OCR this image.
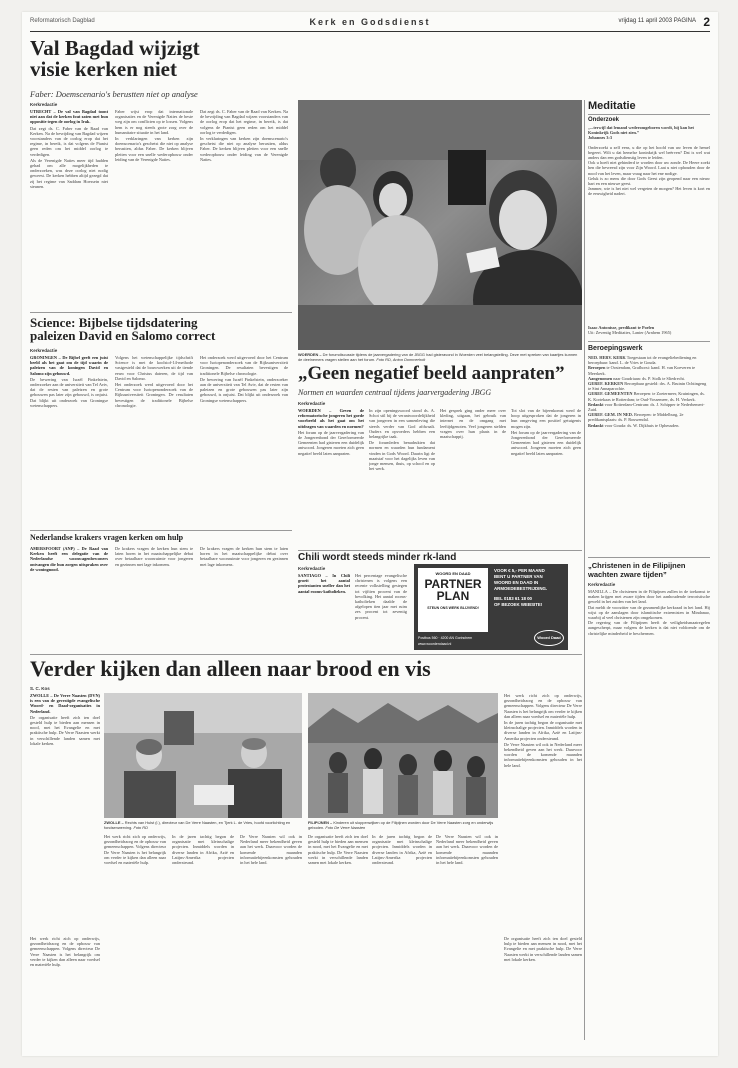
Reformatorisch Dagblad	Kerk en Godsdienst	vrijdag 11 april 2003 PAGINA 2
Val Bagdad wijzigt
visie kerken niet
Faber: Doemscenario's berustten niet op analyse
Kerkredactie

UTRECHT – De val van Bagdad toont niet aan dat de kerken fout zaten met hun oppositie tegen de oorlog in Irak.

Dat zegt ds. C. Faber van de Raad van Kerken. Na de bevrijding van Bagdad wijzen voorstanders van de oorlog erop dat het regime, in bereik, is dat volgens de Pianist geen reden om het middel oorlog te verdedigen.

Als de Verenigde Naties meer tijd hadden gehad om alle mogelijkheden te onderzoeken, was deze oorlog niet nodig geweest. De kerken hebben altijd gezegd dat zij het regime van Saddam Hoessein niet steunen.

Faber wijst erop dat internationale organisaties en de Verenigde Naties de beste weg zijn om conflicten op te lossen. Volgens hem is er nog steeds grote zorg over de humanitaire situatie in het land.

In verklaringen van kerken zijn doemscenario's geschetst die niet op analyse berustten, aldus Faber. De kerken blijven pleiten voor een snelle wederopbouw onder leiding van de Verenigde Naties.

Dat zegt ds. C. Faber van de Raad van Kerken. Na de bevrijding van Bagdad wijzen voorstanders van de oorlog erop dat het regime, in bereik, is dat volgens de Pianist geen reden om het middel oorlog te verdedigen.

In verklaringen van kerken zijn doemscenario's geschetst die niet op analyse berustten, aldus Faber. De kerken blijven pleiten voor een snelle wederopbouw onder leiding van de Verenigde Naties.

Science: Bijbelse tijdsdatering
paleizen David en Salomo correct
Kerkredactie

GRONINGEN – De Bijbel geeft een juist beeld als het gaat om de tijd waarin de paleizen van de koningen David en Salomo zijn gebouwd.

De bewering van Israël Finkelstein, onderzoeker aan de universiteit van Tel Aviv, dat de resten van paleizen en grote gebouwen pas later zijn gebouwd, is onjuist. Dat blijkt uit onderzoek van Groningse wetenschappers.

Volgens het wetenschappelijke tijdschrift Science is met de koolstof-14-methode vastgesteld dat de bouwwerken uit de tiende eeuw voor Christus dateren, de tijd van David en Salomo.

Het onderzoek werd uitgevoerd door het Centrum voor Isotopenonderzoek van de Rijksuniversiteit Groningen. De resultaten bevestigen de traditionele Bijbelse chronologie.

Het onderzoek werd uitgevoerd door het Centrum voor Isotopenonderzoek van de Rijksuniversiteit Groningen. De resultaten bevestigen de traditionele Bijbelse chronologie.

De bewering van Israël Finkelstein, onderzoeker aan de universiteit van Tel Aviv, dat de resten van paleizen en grote gebouwen pas later zijn gebouwd, is onjuist. Dat blijkt uit onderzoek van Groningse wetenschappers.

Nederlandse krakers vragen kerken om hulp

AMERSFOORT (ANP) – De Raad van Kerken heeft een delegatie van de Nederlandse woonwagenbewoners ontvangen die hun zorgen uitspraken over de woningnood.

De krakers vragen de kerken hun stem te laten horen in het maatschappelijke debat over betaalbare woonruimte voor jongeren en gezinnen met lage inkomens.

De krakers vragen de kerken hun stem te laten horen in het maatschappelijke debat over betaalbare woonruimte voor jongeren en gezinnen met lage inkomens.

WOERDEN – De forumdiscussie tijdens de jaarvergadering van de JBGG had gisteravond in Woerden veel belangstelling. Deze met spreken van kaartjes kunnen de deelnemers vragen stellen aan het forum. Foto RD, Anton Dommerholt
„Geen negatief beeld aanpraten”
Normen en waarden centraal tijdens jaarvergadering JBGG
Kerkredactie

WOERDEN – Geven de reformatorische jongeren het goede voorbeeld als het gaat om het uitdragen van waarden en normen?

Het forum op de jaarvergadering van de Jongerenbond der Gereformeerde Gemeenten had gisteren een duidelijk antwoord. Jongeren moeten zich geen negatief beeld laten aanpraten.

In zijn openingswoord stond ds. A. Schot stil bij de verantwoordelijkheid van jongeren in een samenleving die steeds verder van God afdwaalt. Ouders en opvoeders hebben een belangrijke taak.

De forumleden benadrukten dat normen en waarden hun fundament vinden in Gods Woord. Daarin ligt de maatstaf voor het dagelijks leven van jonge mensen, thuis, op school en op het werk.

Het gesprek ging onder meer over kleding, uitgaan, het gebruik van internet en de omgang met leeftijdgenoten. Veel jongeren stelden vragen over hun plaats in de maatschappij.

Tot slot van de bijeenkomst werd de hoop uitgesproken dat de jongeren in hun omgeving een positief getuigenis mogen zijn.

Het forum op de jaarvergadering van de Jongerenbond der Gereformeerde Gemeenten had gisteren een duidelijk antwoord. Jongeren moeten zich geen negatief beeld laten aanpraten.

Chili wordt steeds minder rk-land
Kerkredactie

SANTIAGO – In Chili groeit het aantal protestanten sneller dan het aantal rooms-katholieken.

Het percentage evangelische christenen is volgens een recente volkstelling gestegen tot vijftien procent van de bevolking. Het aantal rooms-katholieken daalde de afgelopen tien jaar met ruim zes procent tot zeventig procent.

WOORD EN DAAD
PARTNER
PLAN
STEUN ONS WERK BLIJVEND!
VOOR € 5,- PER MAAND
BENT U PARTNER VAN
WOORD EN DAAD IN
ARMOEDEBESTRIJDING.
BEL 0183 61 18 00
OF BEZOEK WEBSITE!
Postbus 560 · 4200 AN Gorinchem
www.woordendaad.nl
Woord Daad
Verder kijken dan alleen naar brood en vis
S. C. Kos

ZWOLLE – De Verre Naasten (DVN) is een van de gevestigde evangelische Woord- en Daad-organisaties in Nederland.

De organisatie heeft zich ten doel gesteld hulp te bieden aan mensen in nood, met het Evangelie en met praktische hulp. De Verre Naasten werkt in verschillende landen samen met lokale kerken.

ZWOLLE – Rechts van Hulst (l.), directeur van De Verre Naasten, en Tjerk L. de Vries, hoofd voorlichting en fondsenwerving. Foto RD
FILIPIJNEN – Kinderen uit sloppenwijken op de Filipijnen worden door De Verre Naasten zorg en onderwijs geboden. Foto De Verre Naasten

Het werk richt zich op onderwijs, gezondheidszorg en de opbouw van gemeenschappen. Volgens directeur De Verre Naasten is het belangrijk om verder te kijken dan alleen naar voedsel en materiële hulp.

In de jaren tachtig begon de organisatie met kleinschalige projecten. Inmiddels worden in diverse landen in Afrika, Azië en Latijns-Amerika projecten ondersteund.

De Verre Naasten wil ook in Nederland meer bekendheid geven aan het werk. Daarvoor worden de komende maanden informatiebijeenkomsten gehouden in het hele land.

Het werk richt zich op onderwijs, gezondheidszorg en de opbouw van gemeenschappen. Volgens directeur De Verre Naasten is het belangrijk om verder te kijken dan alleen naar voedsel en materiële hulp.

In de jaren tachtig begon de organisatie met kleinschalige projecten. Inmiddels worden in diverse landen in Afrika, Azië en Latijns-Amerika projecten ondersteund.

De Verre Naasten wil ook in Nederland meer bekendheid geven aan het werk. Daarvoor worden de komende maanden informatiebijeenkomsten gehouden in het hele land.

De organisatie heeft zich ten doel gesteld hulp te bieden aan mensen in nood, met het Evangelie en met praktische hulp. De Verre Naasten werkt in verschillende landen samen met lokale kerken.

In de jaren tachtig begon de organisatie met kleinschalige projecten. Inmiddels worden in diverse landen in Afrika, Azië en Latijns-Amerika projecten ondersteund.

De Verre Naasten wil ook in Nederland meer bekendheid geven aan het werk. Daarvoor worden de komende maanden informatiebijeenkomsten gehouden in het hele land.

Het werk richt zich op onderwijs, gezondheidszorg en de opbouw van gemeenschappen. Volgens directeur De Verre Naasten is het belangrijk om verder te kijken dan alleen naar voedsel en materiële hulp.

De organisatie heeft zich ten doel gesteld hulp te bieden aan mensen in nood, met het Evangelie en met praktische hulp. De Verre Naasten werkt in verschillende landen samen met lokale kerken.

Meditatie
Onderzoek
„...terwijl dat lemand wederomgeboren wordt, hij kan het Koninkrijk Gods niet zien.”
Johannes 3:3

Onderzoekt u zelf eens, u die op het hoofd van uw leven de hemel begeert. Wilt u dat hemelse koninkrijk wel beërven? Dat is wel wat anders dan een godsdienstig leven te leiden.

Ook u hoeft niet gehinderd te worden door uw zonde. De Heere zoekt hen die bevreesd zijn voor Zijn Woord. Laat u niet ophouden door de nood van het leven, maar vraag naar het ene nodige.

Geluk is zo mens die door Gods Geest zijn geopend naar een nieuw hart en een nieuwe geest.

Jammer, wie is het niet wel vergeten de morgen? Het leven is kort en de eeuwigheid nadert.

Isaac Antonisse, predikant te Poelen
Uit: Zeventig Meditaties, Lanier (Arnhem 1965)
Beroepingswerk

NED. HERV. KERK Toegestaan tot de evangeliebediening en beroepbaar: kand. L. de Vries te Gouda.

Beroepen te Oostendam, Grafhorst: kand. H. van Koeveren te Meerkerk.

Aangenomen naar Goudriaan: ds. P. Stolk te Sliedrecht.

GEREF. KERKEN Beroepbaar gesteld: drs. A. Bruinin Ochtingeng te Sint Annaparochie.

GEREF. GEMEENTEN Beroepen: te Zoetermeer, Kruiningen, ds. K. Kortekaas te Rotterdam; te Oud-Vossemeer, ds. H. Verkerk.

Bedankt voor Rotterdam-Centrum: ds. J. Schipper te Nederhemert-Zuid.

GEREF. GEM. IN NED. Beroepen: te Middelburg, 2e predikantsplaats: ds. P. Rouwendal.

Bedankt voor Gouda: ds. W. Dijkhuis te Opheusden.

„Christenen in de Filipijnen wachten zware tijden”
Kerkredactie

MANILLA – De christenen in de Filipijnen zullen in de toekomst te maken krijgen met zware tijden door het aanhoudende terroristische geweld in het zuiden van het land.

Dat meldt de voorzitter van de gezamenlijke kerkraad in het land. Hij wijst op de aanslagen door islamitische extremisten in Mindanao, waarbij al veel christenen zijn omgekomen.

De regering van de Filipijnen heeft de veiligheidsmaatregelen aangescherpt, maar volgens de kerken is dat niet voldoende om de christelijke minderheid te beschermen.
